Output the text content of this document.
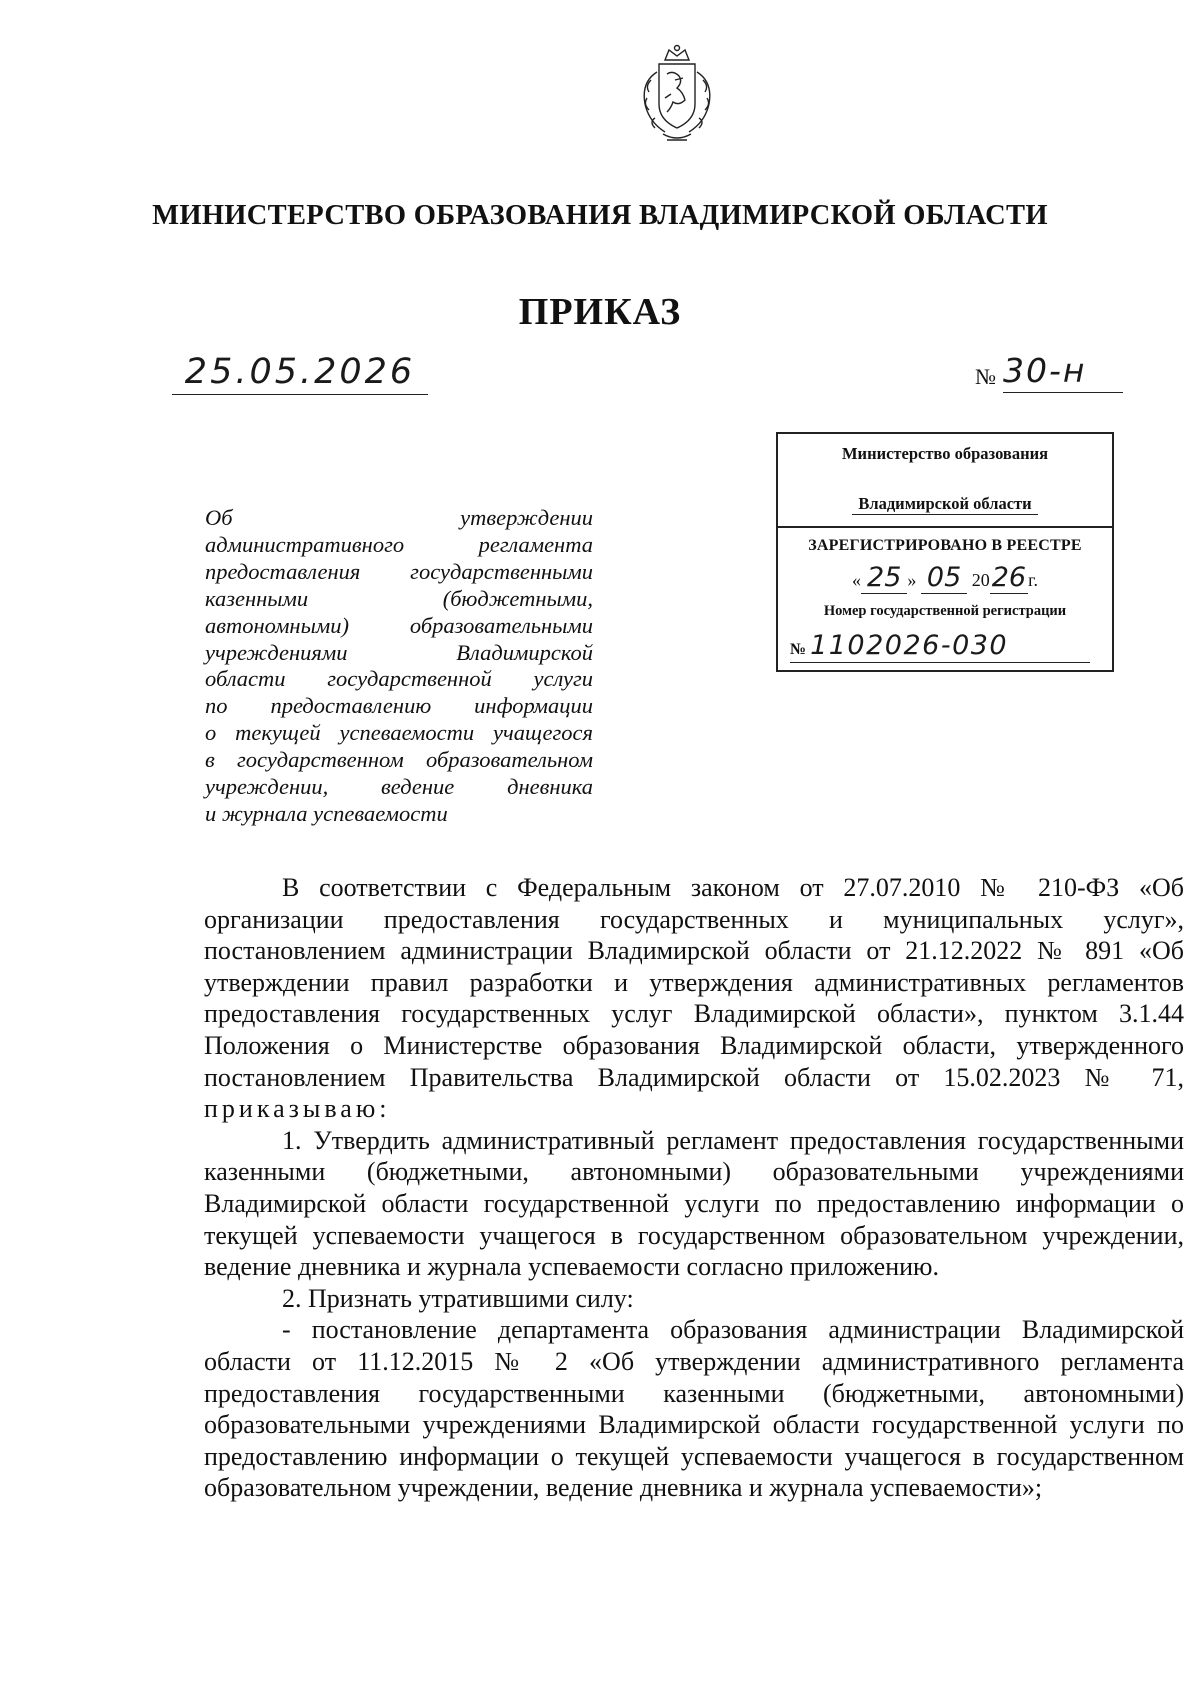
МИНИСТЕРСТВО ОБРАЗОВАНИЯ ВЛАДИМИРСКОЙ ОБЛАСТИ
ПРИКАЗ
25.05.2026	№ 30-н
Министерство образования
Владимирской области
ЗАРЕГИСТРИРОВАНО В РЕЕСТРЕ
« 25 » 05 2026 г.
Номер государственной регистрации
№ 1102026-030

Об утверждении

административного регламента

предоставления государственными

казенными (бюджетными,

автономными) образовательными

учреждениями Владимирской

области государственной услуги

по предоставлению информации

о текущей успеваемости учащегося

в государственном образовательном

учреждении, ведение дневника

и журнала успеваемости

В соответствии с Федеральным законом от 27.07.2010 № 210-ФЗ «Об организации предоставления государственных и муниципальных услуг», постановлением администрации Владимирской области от 21.12.2022 № 891 «Об утверждении правил разработки и утверждения административных регламентов предоставления государственных услуг Владимирской области», пунктом 3.1.44 Положения о Министерстве образования Владимирской области, утвержденного постановлением Правительства Владимирской области от 15.02.2023 № 71, приказываю:

1. Утвердить административный регламент предоставления государственными казенными (бюджетными, автономными) образовательными учреждениями Владимирской области государственной услуги по предоставлению информации о текущей успеваемости учащегося в государственном образовательном учреждении, ведение дневника и журнала успеваемости согласно приложению.

2. Признать утратившими силу:

- постановление департамента образования администрации Владимирской области от 11.12.2015 № 2 «Об утверждении административного регламента предоставления государственными казенными (бюджетными, автономными) образовательными учреждениями Владимирской области государственной услуги по предоставлению информации о текущей успеваемости учащегося в государственном образовательном учреждении, ведение дневника и журнала успеваемости»;
